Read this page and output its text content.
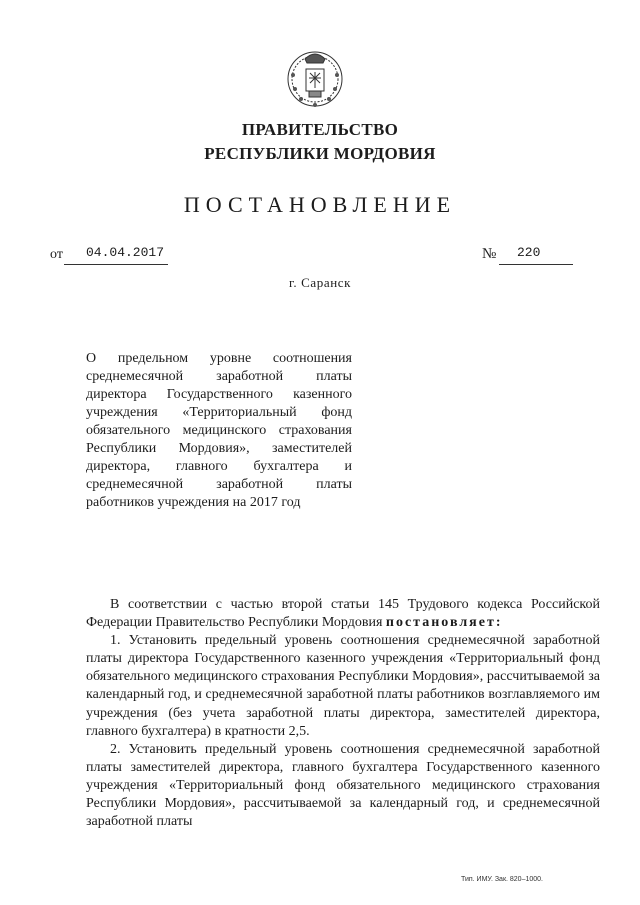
ПРАВИТЕЛЬСТВО
РЕСПУБЛИКИ МОРДОВИЯ
ПОСТАНОВЛЕНИЕ
от 04.04.2017	№ 220
г. Саранск
О предельном уровне соотношения среднемесячной заработной платы директора Государственного казенного учреждения «Территориальный фонд обязательного медицинского страхования Республики Мордовия», заместителей директора, главного бухгалтера и среднемесячной заработной платы работников учреждения на 2017 год

В соответствии с частью второй статьи 145 Трудового кодекса Российской Федерации Правительство Республики Мордовия постановляет:

1. Установить предельный уровень соотношения среднемесячной заработной платы директора Государственного казенного учреждения «Территориальный фонд обязательного медицинского страхования Республики Мордовия», рассчитываемой за календарный год, и среднемесячной заработной платы работников возглавляемого им учреждения (без учета заработной платы директора, заместителей директора, главного бухгалтера) в кратности 2,5.

2. Установить предельный уровень соотношения среднемесячной заработной платы заместителей директора, главного бухгалтера Государственного казенного учреждения «Территориальный фонд обязательного медицинского страхования Республики Мордовия», рассчитываемой за календарный год, и среднемесячной заработной платы

Тип. ИМУ. Зак. 820–1000.
